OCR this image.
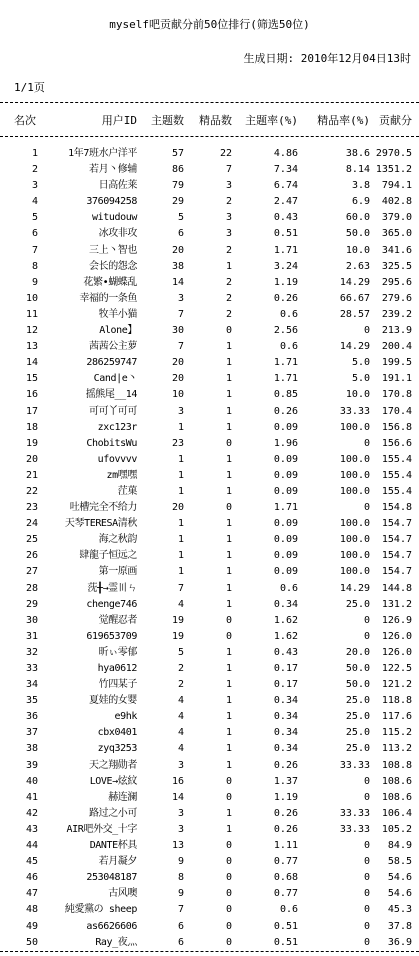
myself吧贡献分前50位排行(筛选50位)
生成日期: 2010年12月04日13时
1/1页
名次	用户ID	主题数	精品数	主题率(%)	精品率(%) 贡献分
1	1年7班水户洋平	57	22	4.86	38.6 2970.5
2	若月丶修辅	86	7	7.34	8.14 1351.2
3	日高佐莱	79	3	6.74	3.8	794.1
4	376094258	29	2	2.47	6.9	402.8
5	witudouw	5	3	0.43	60.0	379.0
6	冰攻非攻	6	3	0.51	50.0	365.0
7	三上丶智也	20	2	1.71	10.0	341.6
8	会长的怨念	38	1	3.24	2.63	325.5
9	花繁•蝴蝶乱	14	2	1.19	14.29	295.6
10	幸福的一条鱼	3	2	0.26	66.67	279.6
11	牧羊小猫	7	2	0.6	28.57	239.2
12	Alone】	30	0	2.56	0	213.9
13	茜茜公主萝	7	1	0.6	14.29	200.4
14	286259747	20	1	1.71	5.0	199.5
15	Cand|e丶	20	1	1.71	5.0	191.1
16	摇熊尾__14	10	1	0.85	10.0	170.8
17	可可丫可可	3	1	0.26	33.33	170.4
18	zxc123r	1	1	0.09	100.0	156.8
19	ChobitsWu	23	0	1.96	0	156.6
20	ufovvvv	1	1	0.09	100.0	155.4
21	zm嘿嘿	1	1	0.09	100.0	155.4
22	茳菓	1	1	0.09	100.0	155.4
23	吐槽完全不给力	20	0	1.71	0	154.8
24	天琴TERESA清秋	1	1	0.09	100.0	154.7
25	海之秋韵	1	1	0.09	100.0	154.7
26	肆龍子恒远之	1	1	0.09	100.0	154.7
27	第一原画	1	1	0.09	100.0	154.7
28	莐╂→霊〣ㄣ	7	1	0.6	14.29	144.8
29	chenge746	4	1	0.34	25.0	131.2
30	觉醒忍者	19	0	1.62	0	126.9
31	619653709	19	0	1.62	0	126.0
32	昕ぃ零郁	5	1	0.43	20.0	126.0
33	hya0612	2	1	0.17	50.0	122.5
34	竹四某子	2	1	0.17	50.0	121.2
35	夏娃的女婴	4	1	0.34	25.0	118.8
36	e9hk	4	1	0.34	25.0	117.6
37	cbx0401	4	1	0.34	25.0	115.2
38	zyq3253	4	1	0.34	25.0	113.2
39	天之翔勋者	3	1	0.26	33.33	108.8
40	LOVE→炫紋	16	0	1.37	0	108.6
41	赫连澜	14	0	1.19	0	108.6
42	路过之小可	3	1	0.26	33.33	106.4
43	AIR吧外交_十字	3	1	0.26	33.33	105.2
44	DANTE杯具	13	0	1.11	0	84.9
45	若月凝夕	9	0	0.77	0	58.5
46	253048187	8	0	0.68	0	54.6
47	古风噢	9	0	0.77	0	54.6
48	純愛黨の sheep	7	0	0.6	0	45.3
49	as6626606	6	0	0.51	0	37.8
50	Ray_夜灬	6	0	0.51	0	36.9
